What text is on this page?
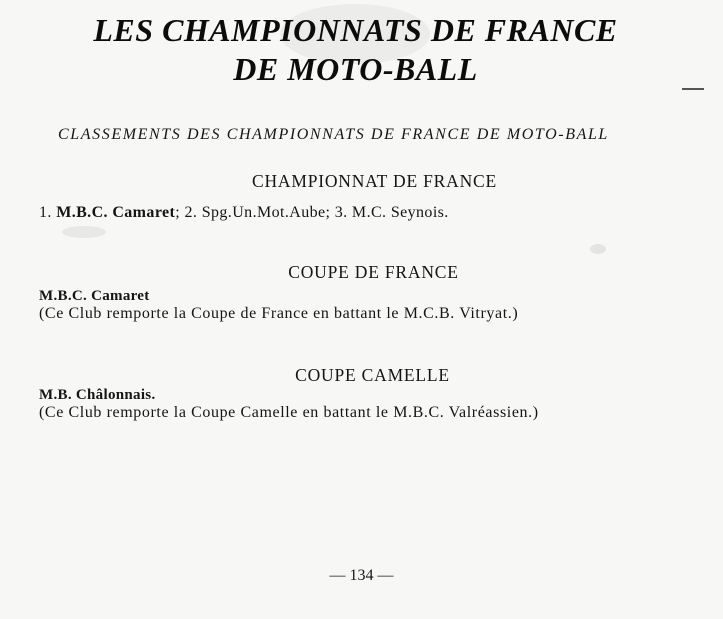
LES CHAMPIONNATS DE FRANCE
DE MOTO-BALL
CLASSEMENTS DES CHAMPIONNATS DE FRANCE DE MOTO-BALL
CHAMPIONNAT DE FRANCE
1. M.B.C. Camaret; 2. Spg.Un.Mot.Aube; 3. M.C. Seynois.
COUPE DE FRANCE
M.B.C. Camaret
(Ce Club remporte la Coupe de France en battant le M.C.B. Vitryat.)
COUPE CAMELLE
M.B. Châlonnais.
(Ce Club remporte la Coupe Camelle en battant le M.B.C. Valréassien.)
— 134 —
